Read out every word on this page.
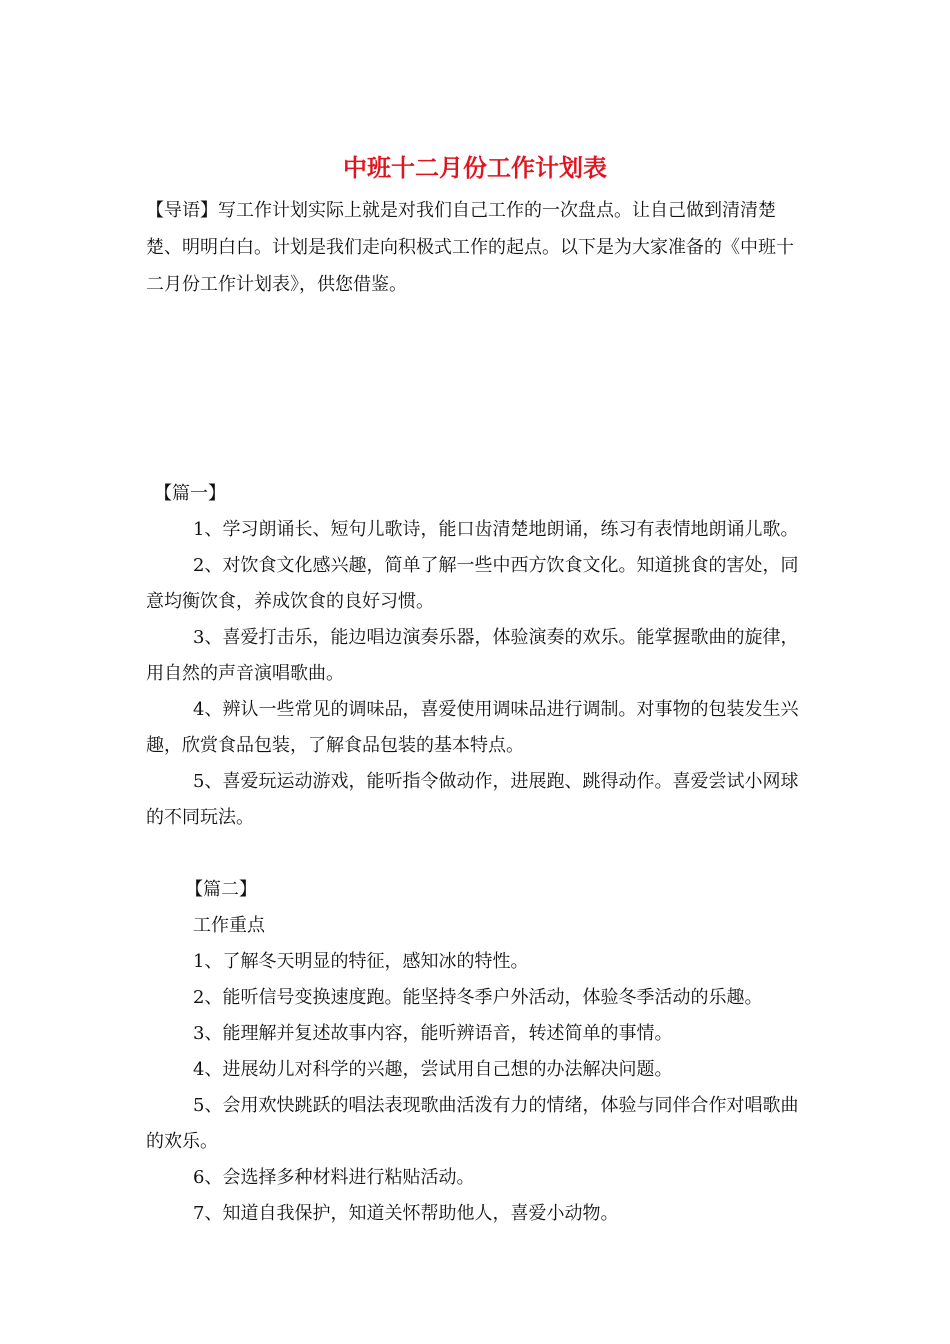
中班十二月份工作计划表

【导语】写工作计划实际上就是对我们自己工作的一次盘点。让自己做到清清楚楚、明明白白。计划是我们走向积极式工作的起点。以下是为大家准备的《中班十二月份工作计划表》，供您借鉴。

【篇一】

1、学习朗诵长、短句儿歌诗，能口齿清楚地朗诵，练习有表情地朗诵儿歌。

2、对饮食文化感兴趣，简单了解一些中西方饮食文化。知道挑食的害处，同意均衡饮食，养成饮食的良好习惯。

3、喜爱打击乐，能边唱边演奏乐器，体验演奏的欢乐。能掌握歌曲的旋律，用自然的声音演唱歌曲。

4、辨认一些常见的调味品，喜爱使用调味品进行调制。对事物的包装发生兴趣，欣赏食品包装，了解食品包装的基本特点。

5、喜爱玩运动游戏，能听指令做动作，进展跑、跳得动作。喜爱尝试小网球的不同玩法。

【篇二】

工作重点

1、了解冬天明显的特征，感知冰的特性。

2、能听信号变换速度跑。能坚持冬季户外活动，体验冬季活动的乐趣。

3、能理解并复述故事内容，能听辨语音，转述简单的事情。

4、进展幼儿对科学的兴趣，尝试用自己想的办法解决问题。

5、会用欢快跳跃的唱法表现歌曲活泼有力的情绪，体验与同伴合作对唱歌曲的欢乐。

6、会选择多种材料进行粘贴活动。

7、知道自我保护，知道关怀帮助他人，喜爱小动物。
